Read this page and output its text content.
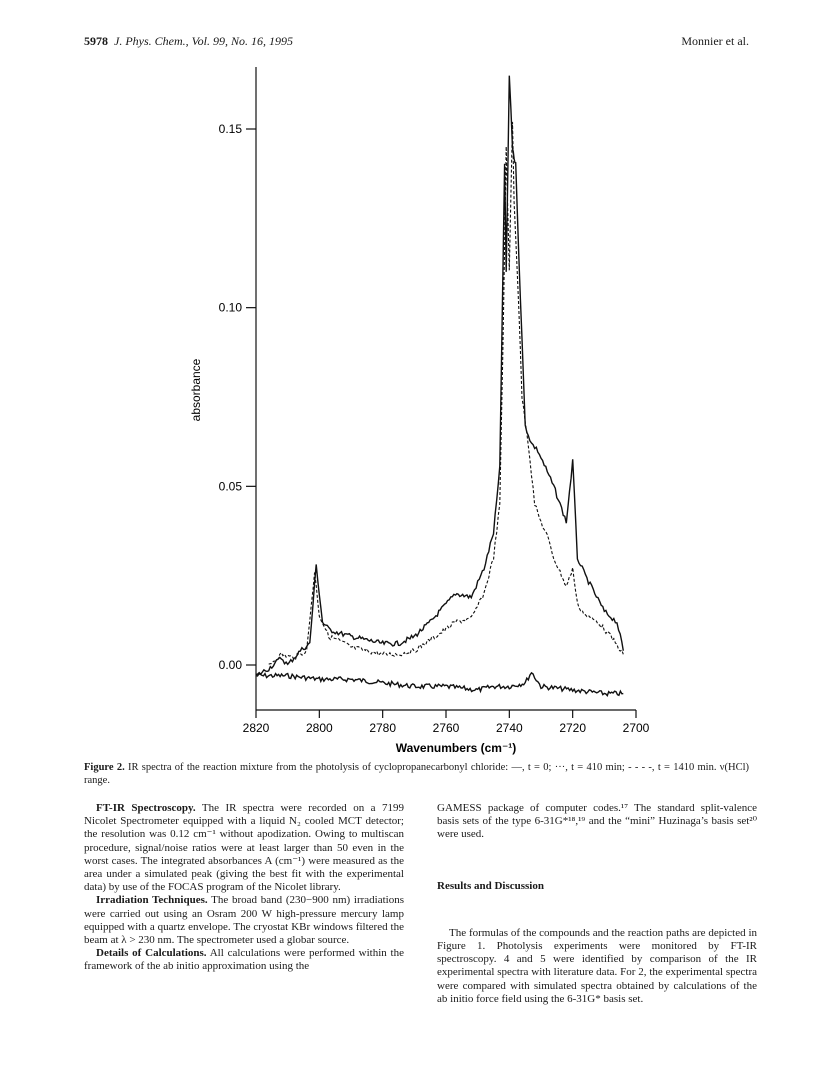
5978 J. Phys. Chem., Vol. 99, No. 16, 1995	Monnier et al.
0.00
0.05
0.10
0.15
2820	2800	2780	2760	2740	2720	2700
absorbance
Wavenumbers (cm⁻¹)
Figure 2. IR spectra of the reaction mixture from the photolysis of cyclopropanecarbonyl chloride: —, t = 0; ···, t = 410 min; - - - -, t = 1410 min. ν(HCl) range.

FT-IR Spectroscopy. The IR spectra were recorded on a 7199 Nicolet Spectrometer equipped with a liquid N₂ cooled MCT detector; the resolution was 0.12 cm⁻¹ without apodization. Owing to multiscan procedure, signal/noise ratios were at least larger than 50 even in the worst cases. The integrated absorbances A (cm⁻¹) were measured as the area under a simulated peak (giving the best fit with the experimental data) by use of the FOCAS program of the Nicolet library.

Irradiation Techniques. The broad band (230−900 nm) irradiations were carried out using an Osram 200 W high-pressure mercury lamp equipped with a quartz envelope. The cryostat KBr windows filtered the beam at λ > 230 nm. The spectrometer used a globar source.

Details of Calculations. All calculations were performed within the framework of the ab initio approximation using the

GAMESS package of computer codes.¹⁷ The standard split-valence basis sets of the type 6-31G*¹⁸,¹⁹ and the “mini” Huzinaga’s basis set²⁰ were used.

Results and Discussion

The formulas of the compounds and the reaction paths are depicted in Figure 1. Photolysis experiments were monitored by FT-IR spectroscopy. 4 and 5 were identified by comparison of the IR experimental spectra with literature data. For 2, the experimental spectra were compared with simulated spectra obtained by calculations of the ab initio force field using the 6-31G* basis set.
